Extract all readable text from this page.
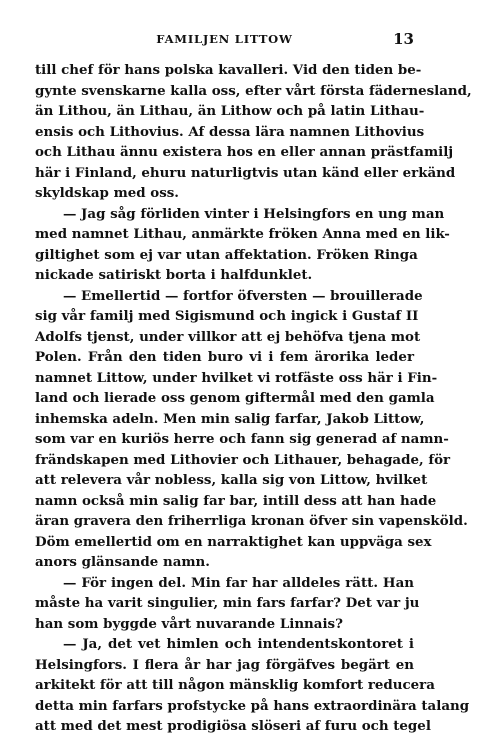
FAMILJEN LITTOW	13
till chef för hans polska kavalleri. Vid den tiden be-
gynte svenskarne kalla oss, efter vårt första fädernesland,
än Lithou, än Lithau, än Lithow och på latin Lithau-
ensis och Lithovius. Af dessa lära namnen Lithovius
och Lithau ännu existera hos en eller annan prästfamilj
här i Finland, ehuru naturligtvis utan känd eller erkänd
skyldskap med oss.
— Jag såg förliden vinter i Helsingfors en ung man
med namnet Lithau, anmärkte fröken Anna med en lik-
giltighet som ej var utan affektation. Fröken Ringa
nickade satiriskt borta i halfdunklet.
— Emellertid — fortfor öfversten — brouillerade
sig vår familj med Sigismund och ingick i Gustaf II
Adolfs tjenst, under villkor att ej behöfva tjena mot
Polen. Från den tiden buro vi i fem ärorika leder
namnet Littow, under hvilket vi rotfäste oss här i Fin-
land och lierade oss genom giftermål med den gamla
inhemska adeln. Men min salig farfar, Jakob Littow,
som var en kuriös herre och fann sig generad af namn-
frändskapen med Lithovier och Lithauer, behagade, för
att relevera vår nobless, kalla sig von Littow, hvilket
namn också min salig far bar, intill dess att han hade
äran gravera den friherrliga kronan öfver sin vapensköld.
Döm emellertid om en narraktighet kan uppväga sex
anors glänsande namn.
— För ingen del. Min far har alldeles rätt. Han
måste ha varit singulier, min fars farfar? Det var ju
han som byggde vårt nuvarande Linnais?
— Ja, det vet himlen och intendentskontoret i
Helsingfors. I flera år har jag förgäfves begärt en
arkitekt för att till någon mänsklig komfort reducera
detta min farfars profstycke på hans extraordinära talang
att med det mest prodigiösa slöseri af furu och tegel
